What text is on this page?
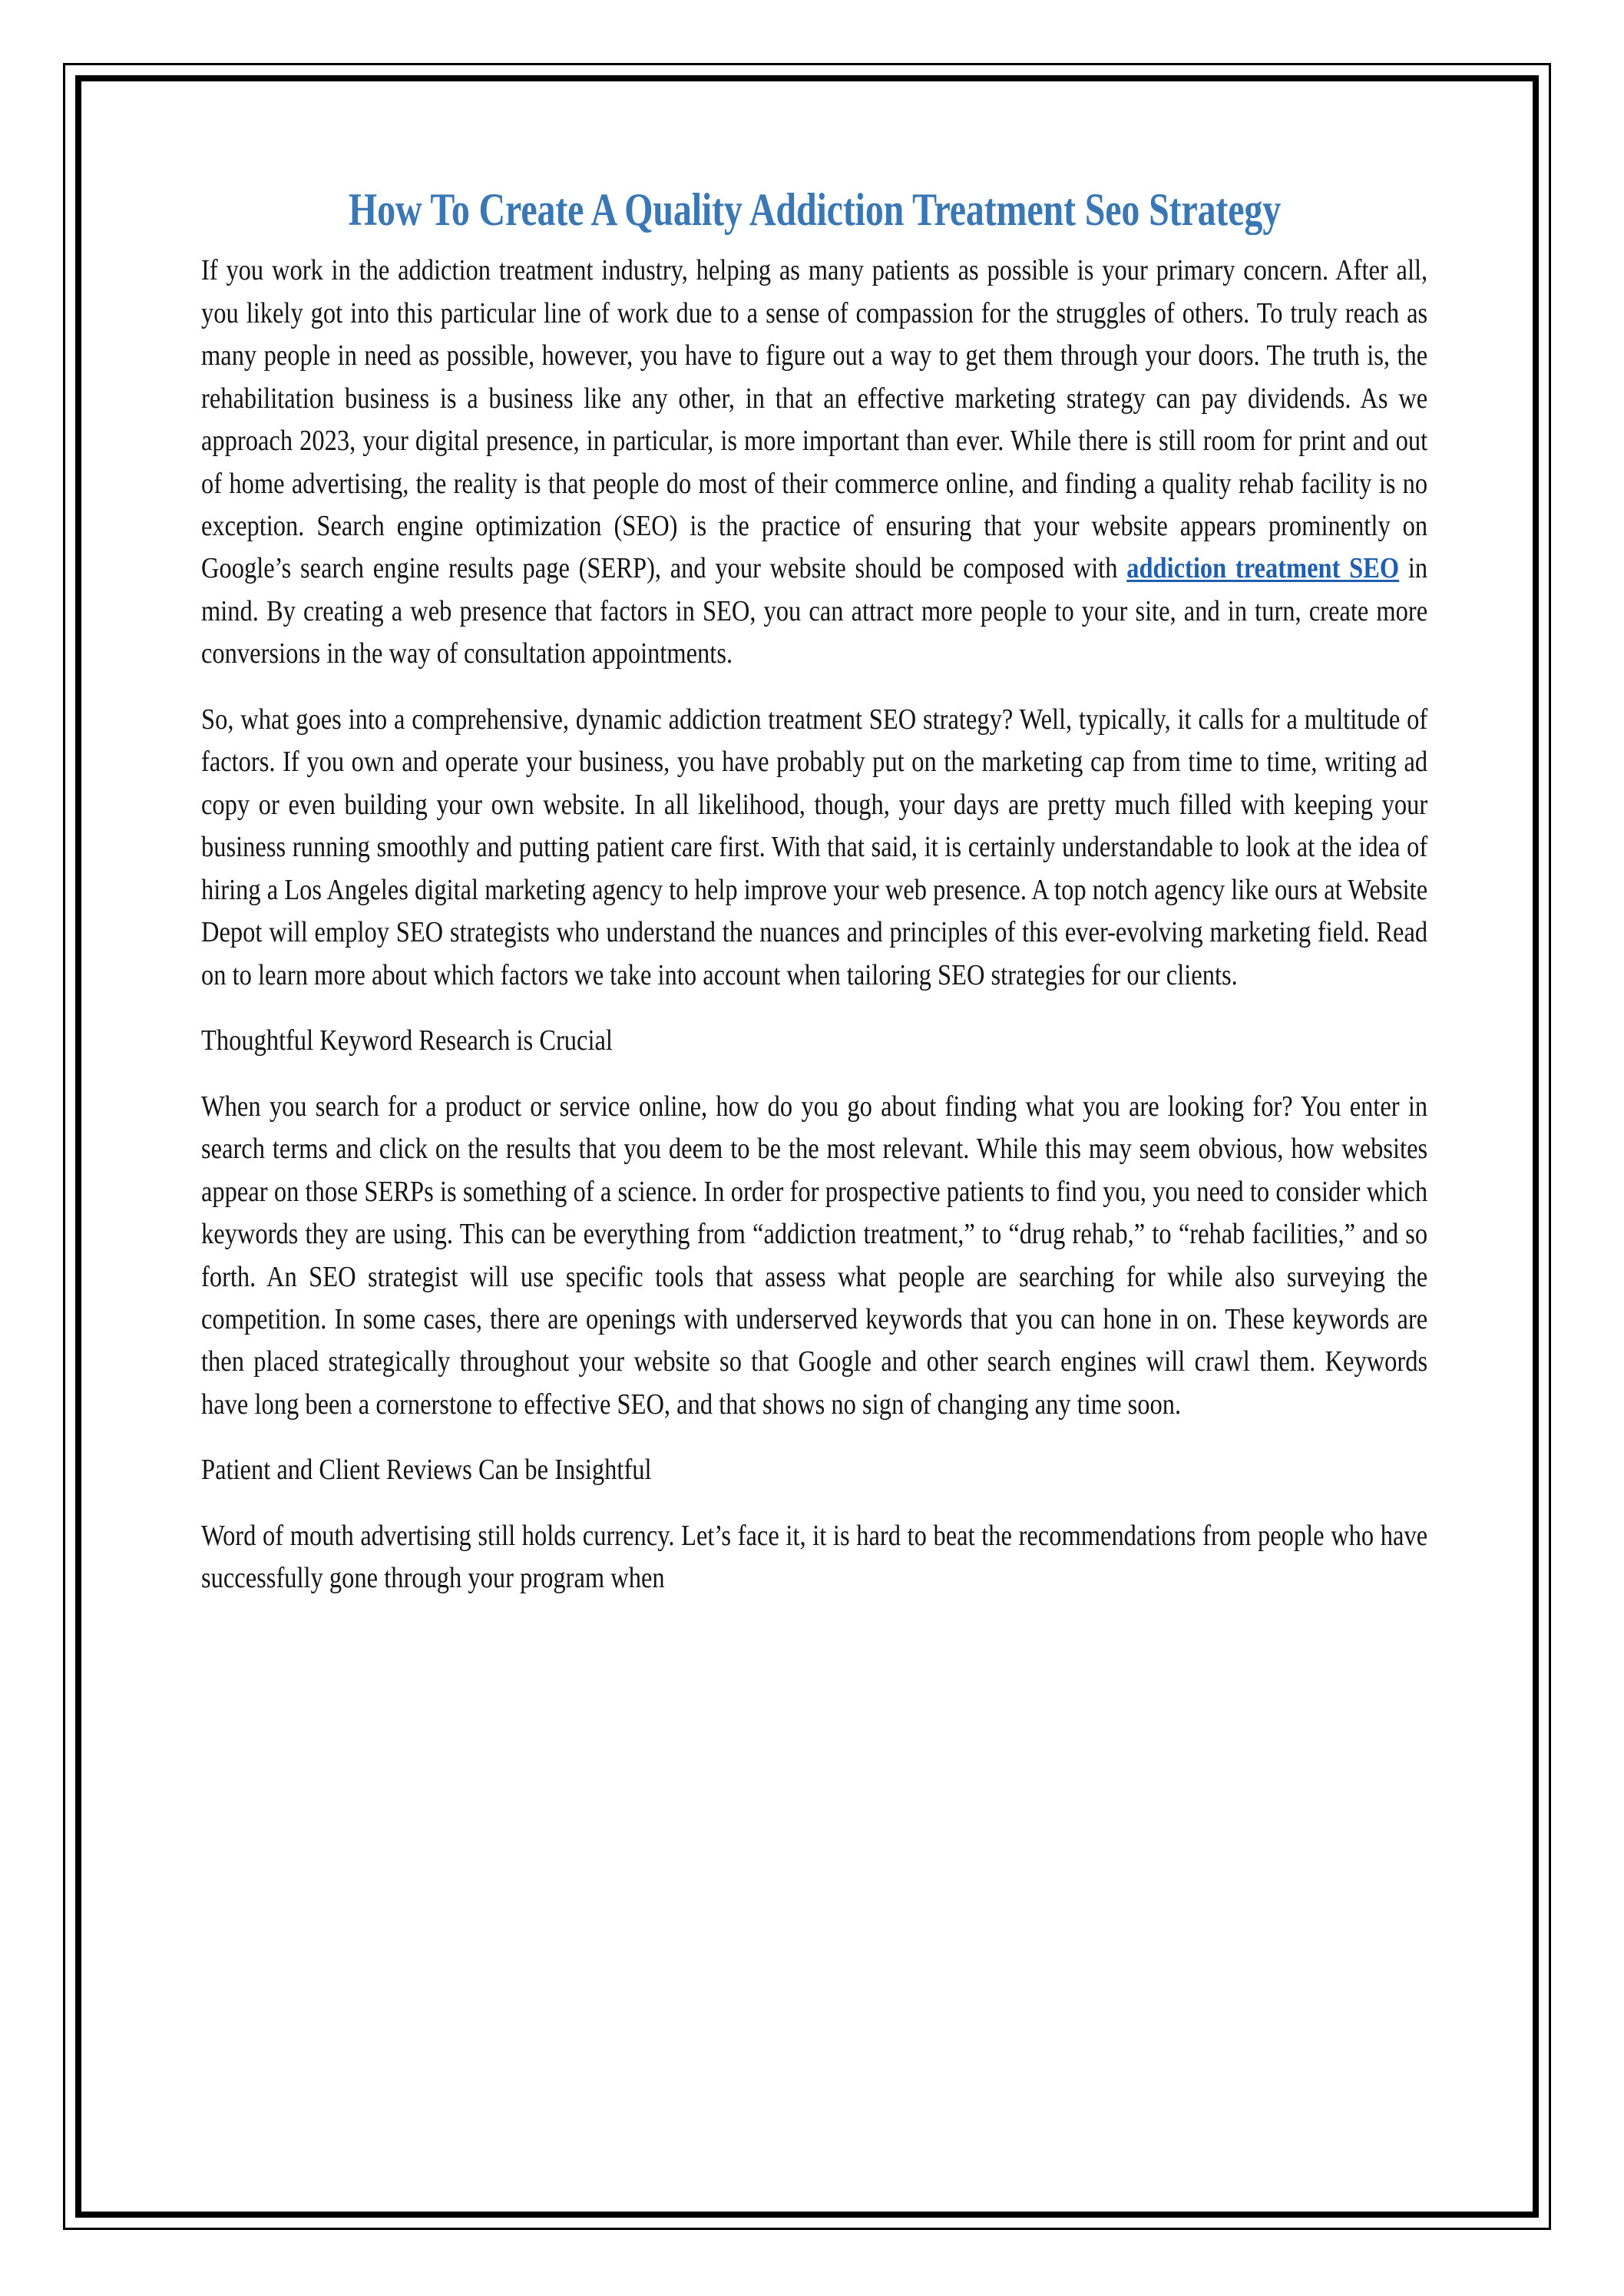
How To Create A Quality Addiction Treatment Seo Strategy

If you work in the addiction treatment industry, helping as many patients as possible is your primary concern. After all, you likely got into this particular line of work due to a sense of compassion for the struggles of others. To truly reach as many people in need as possible, however, you have to figure out a way to get them through your doors. The truth is, the rehabilitation business is a business like any other, in that an effective marketing strategy can pay dividends. As we approach 2023, your digital presence, in particular, is more important than ever. While there is still room for print and out of home advertising, the reality is that people do most of their commerce online, and finding a quality rehab facility is no exception. Search engine optimization (SEO) is the practice of ensuring that your website appears prominently on Google’s search engine results page (SERP), and your website should be composed with addiction treatment SEO in mind. By creating a web presence that factors in SEO, you can attract more people to your site, and in turn, create more conversions in the way of consultation appointments.

So, what goes into a comprehensive, dynamic addiction treatment SEO strategy? Well, typically, it calls for a multitude of factors. If you own and operate your business, you have probably put on the marketing cap from time to time, writing ad copy or even building your own website. In all likelihood, though, your days are pretty much filled with keeping your business running smoothly and putting patient care first. With that said, it is certainly understandable to look at the idea of hiring a Los Angeles digital marketing agency to help improve your web presence. A top notch agency like ours at Website Depot will employ SEO strategists who understand the nuances and principles of this ever-evolving marketing field. Read on to learn more about which factors we take into account when tailoring SEO strategies for our clients.

Thoughtful Keyword Research is Crucial

When you search for a product or service online, how do you go about finding what you are looking for? You enter in search terms and click on the results that you deem to be the most relevant. While this may seem obvious, how websites appear on those SERPs is something of a science. In order for prospective patients to find you, you need to consider which keywords they are using. This can be everything from “addiction treatment,” to “drug rehab,” to “rehab facilities,” and so forth. An SEO strategist will use specific tools that assess what people are searching for while also surveying the competition. In some cases, there are openings with underserved keywords that you can hone in on. These keywords are then placed strategically throughout your website so that Google and other search engines will crawl them. Keywords have long been a cornerstone to effective SEO, and that shows no sign of changing any time soon.

Patient and Client Reviews Can be Insightful

Word of mouth advertising still holds currency. Let’s face it, it is hard to beat the recommendations from people who have successfully gone through your program when
